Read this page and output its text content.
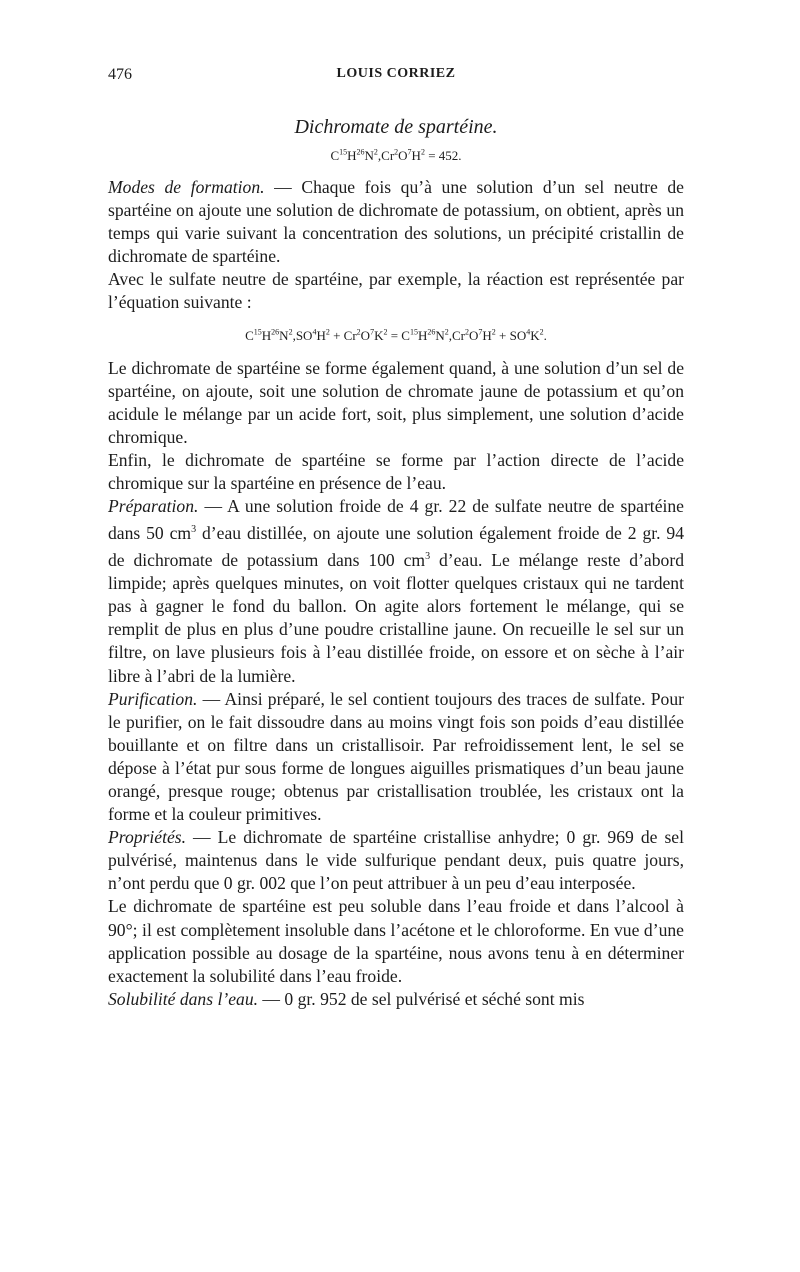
476	LOUIS CORRIEZ
Dichromate de spartéine.
$C^{15}H^{26}N^2,Cr^2O^7H^2 = 452$.

Modes de formation. — Chaque fois qu’à une solution d’un sel neutre de spartéine on ajoute une solution de dichromate de potassium, on obtient, après un temps qui varie suivant la concentration des solutions, un précipité cristallin de dichromate de spartéine.

Avec le sulfate neutre de spartéine, par exemple, la réaction est représentée par l’équation suivante :

$C^{15}H^{26}N^2,SO^4H^2 + Cr^2O^7K^2 = C^{15}H^{26}N^2,Cr^2O^7H^2 + SO^4K^2$.

Le dichromate de spartéine se forme également quand, à une solution d’un sel de spartéine, on ajoute, soit une solution de chromate jaune de potassium et qu’on acidule le mélange par un acide fort, soit, plus simplement, une solution d’acide chromique.

Enfin, le dichromate de spartéine se forme par l’action directe de l’acide chromique sur la spartéine en présence de l’eau.

Préparation. — A une solution froide de 4 gr. 22 de sulfate neutre de spartéine dans 50 $cm^3$ d’eau distillée, on ajoute une solution également froide de 2 gr. 94 de dichromate de potassium dans 100 $cm^3$ d’eau. Le mélange reste d’abord limpide; après quelques minutes, on voit flotter quelques cristaux qui ne tardent pas à gagner le fond du ballon. On agite alors fortement le mélange, qui se remplit de plus en plus d’une poudre cristalline jaune. On recueille le sel sur un filtre, on lave plusieurs fois à l’eau distillée froide, on essore et on sèche à l’air libre à l’abri de la lumière.

Purification. — Ainsi préparé, le sel contient toujours des traces de sulfate. Pour le purifier, on le fait dissoudre dans au moins vingt fois son poids d’eau distillée bouillante et on filtre dans un cristallisoir. Par refroidissement lent, le sel se dépose à l’état pur sous forme de longues aiguilles prismatiques d’un beau jaune orangé, presque rouge; obtenus par cristallisation troublée, les cristaux ont la forme et la couleur primitives.

Propriétés. — Le dichromate de spartéine cristallise anhydre; 0 gr. 969 de sel pulvérisé, maintenus dans le vide sulfurique pendant deux, puis quatre jours, n’ont perdu que 0 gr. 002 que l’on peut attribuer à un peu d’eau interposée.

Le dichromate de spartéine est peu soluble dans l’eau froide et dans l’alcool à 90°; il est complètement insoluble dans l’acétone et le chloroforme. En vue d’une application possible au dosage de la spartéine, nous avons tenu à en déterminer exactement la solubilité dans l’eau froide.

Solubilité dans l’eau. — 0 gr. 952 de sel pulvérisé et séché sont mis
